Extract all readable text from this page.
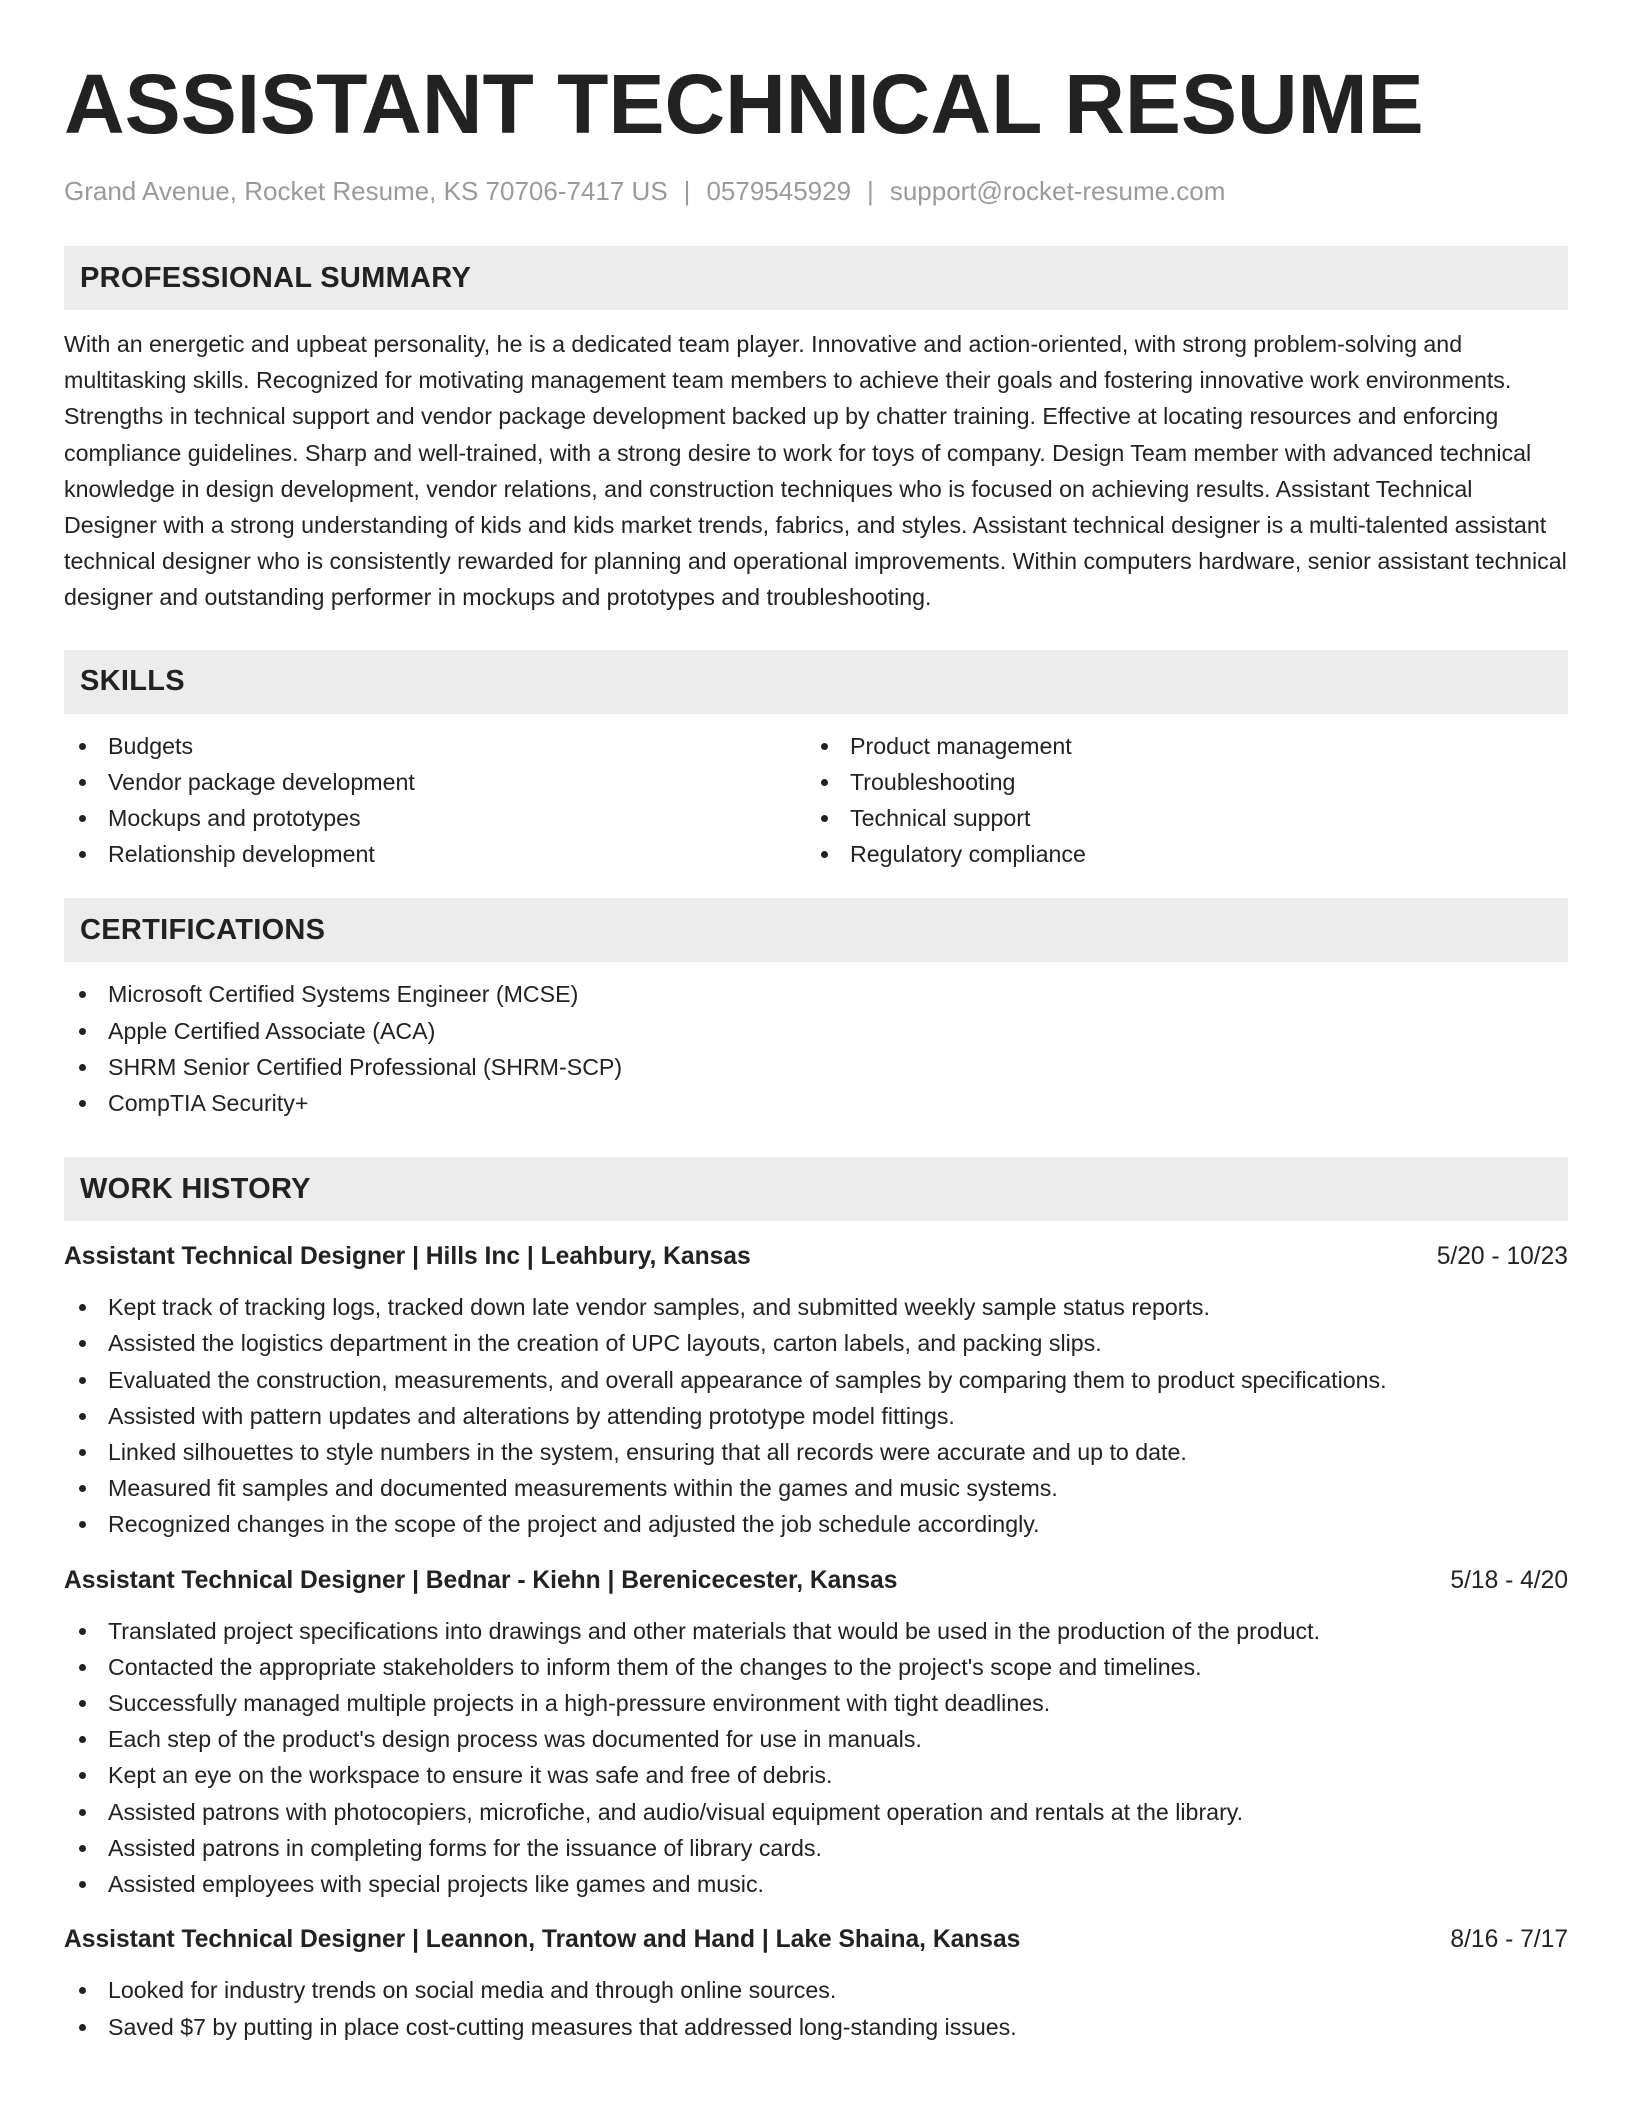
ASSISTANT TECHNICAL RESUME
Grand Avenue, Rocket Resume, KS 70706-7417 US | 0579545929 | support@rocket-resume.com
PROFESSIONAL SUMMARY

With an energetic and upbeat personality, he is a dedicated team player. Innovative and action-oriented, with strong problem-solving and multitasking skills. Recognized for motivating management team members to achieve their goals and fostering innovative work environments. Strengths in technical support and vendor package development backed up by chatter training. Effective at locating resources and enforcing compliance guidelines. Sharp and well-trained, with a strong desire to work for toys of company. Design Team member with advanced technical knowledge in design development, vendor relations, and construction techniques who is focused on achieving results. Assistant Technical Designer with a strong understanding of kids and kids market trends, fabrics, and styles. Assistant technical designer is a multi-talented assistant technical designer who is consistently rewarded for planning and operational improvements. Within computers hardware, senior assistant technical designer and outstanding performer in mockups and prototypes and troubleshooting.

SKILLS
Budgets
Vendor package development
Mockups and prototypes
Relationship development
Product management
Troubleshooting
Technical support
Regulatory compliance
CERTIFICATIONS
Microsoft Certified Systems Engineer (MCSE)
Apple Certified Associate (ACA)
SHRM Senior Certified Professional (SHRM-SCP)
CompTIA Security+
WORK HISTORY
Assistant Technical Designer | Hills Inc | Leahbury, Kansas	5/20 - 10/23
Kept track of tracking logs, tracked down late vendor samples, and submitted weekly sample status reports.
Assisted the logistics department in the creation of UPC layouts, carton labels, and packing slips.
Evaluated the construction, measurements, and overall appearance of samples by comparing them to product specifications.
Assisted with pattern updates and alterations by attending prototype model fittings.
Linked silhouettes to style numbers in the system, ensuring that all records were accurate and up to date.
Measured fit samples and documented measurements within the games and music systems.
Recognized changes in the scope of the project and adjusted the job schedule accordingly.
Assistant Technical Designer | Bednar - Kiehn | Berenicecester, Kansas	5/18 - 4/20
Translated project specifications into drawings and other materials that would be used in the production of the product.
Contacted the appropriate stakeholders to inform them of the changes to the project's scope and timelines.
Successfully managed multiple projects in a high-pressure environment with tight deadlines.
Each step of the product's design process was documented for use in manuals.
Kept an eye on the workspace to ensure it was safe and free of debris.
Assisted patrons with photocopiers, microfiche, and audio/visual equipment operation and rentals at the library.
Assisted patrons in completing forms for the issuance of library cards.
Assisted employees with special projects like games and music.
Assistant Technical Designer | Leannon, Trantow and Hand | Lake Shaina, Kansas	8/16 - 7/17
Looked for industry trends on social media and through online sources.
Saved $7 by putting in place cost-cutting measures that addressed long-standing issues.
